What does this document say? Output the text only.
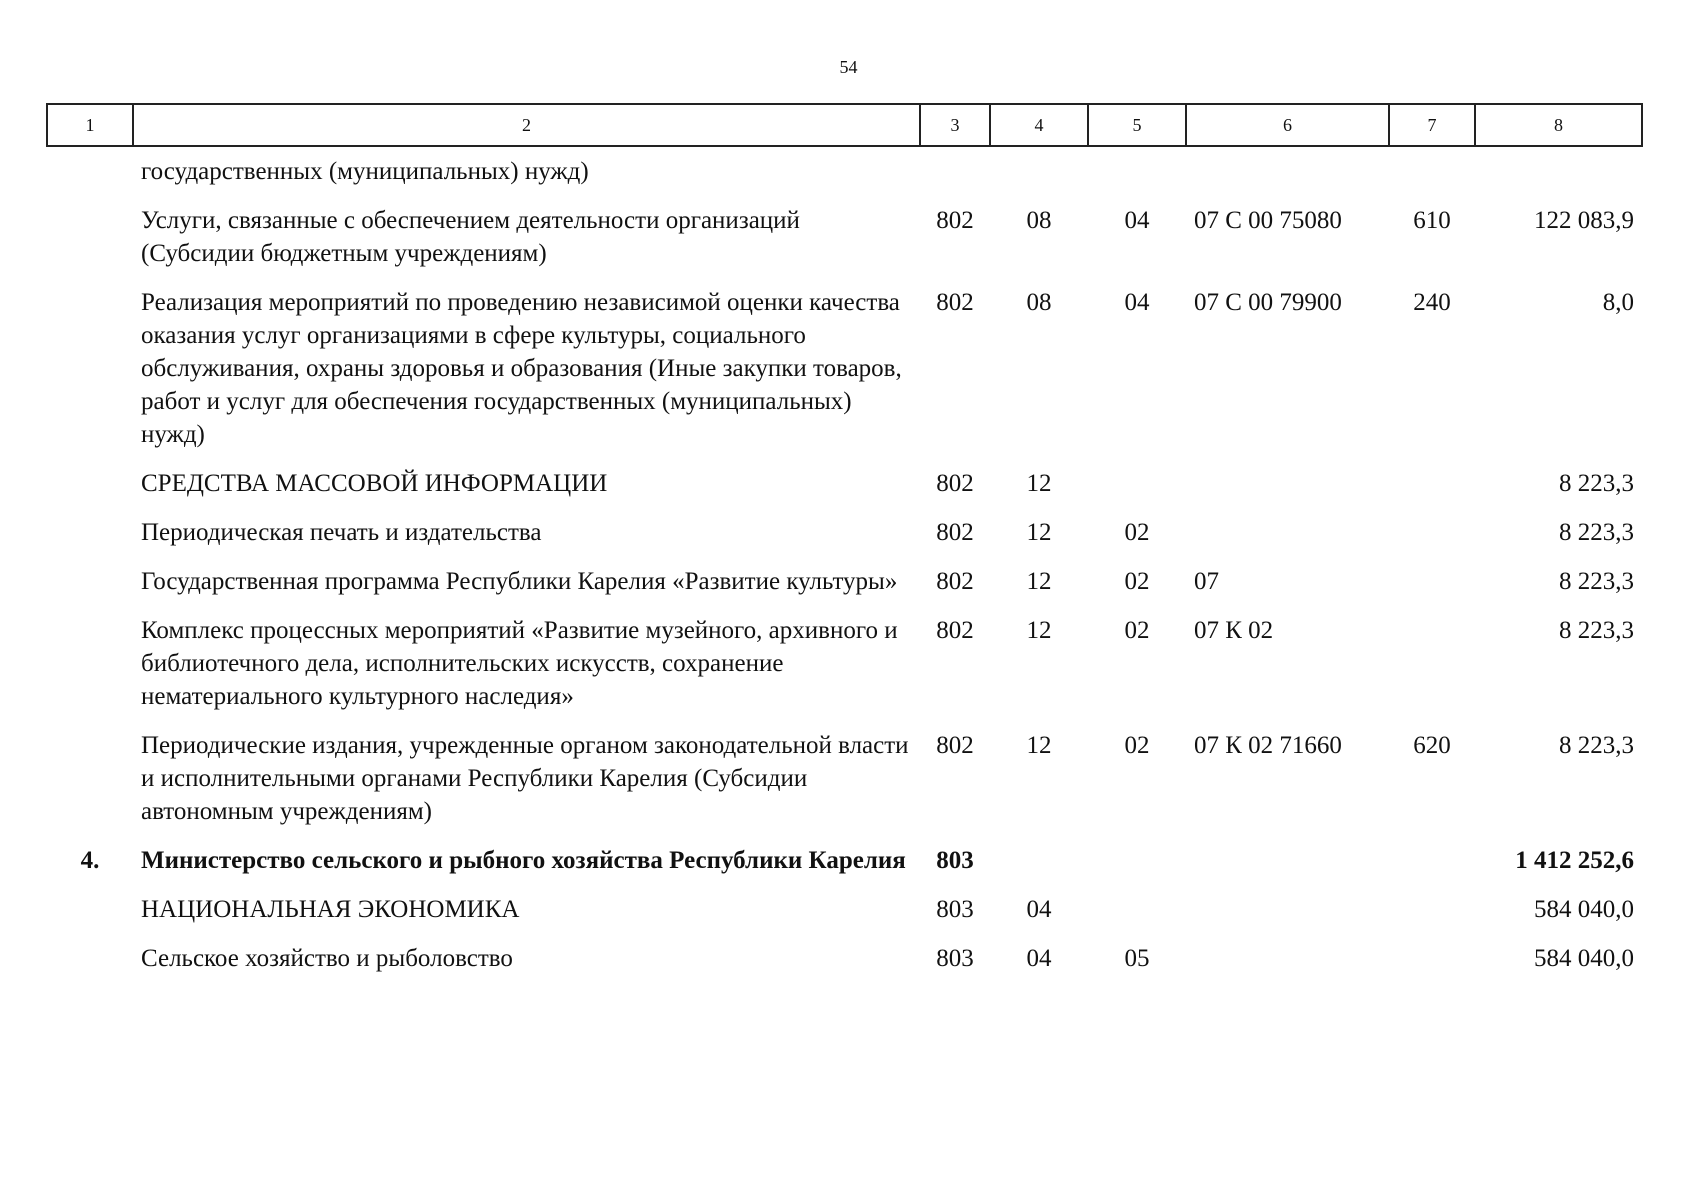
54
1	2	3	4	5	6	7	8
	государственных (муниципальных) нужд)						
	Услуги, связанные с обеспечением деятельности организаций (Субсидии бюджетным учреждениям)	802	08	04	07 С 00 75080	610	122 083,9
	Реализация мероприятий по проведению независимой оценки качества оказания услуг организациями в сфере культуры, социального обслуживания, охраны здоровья и образования (Иные закупки товаров, работ и услуг для обеспечения государственных (муниципальных) нужд)	802	08	04	07 С 00 79900	240	8,0
	СРЕДСТВА МАССОВОЙ ИНФОРМАЦИИ	802	12				8 223,3
	Периодическая печать и издательства	802	12	02			8 223,3
	Государственная программа Республики Карелия «Развитие культуры»	802	12	02	07		8 223,3
	Комплекс процессных мероприятий «Развитие музейного, архивного и библиотечного дела, исполнительских искусств, сохранение нематериального культурного наследия»	802	12	02	07 К 02		8 223,3
	Периодические издания, учрежденные органом законодательной власти и исполнительными органами Республики Карелия (Субсидии автономным учреждениям)	802	12	02	07 К 02 71660	620	8 223,3
4.	Министерство сельского и рыбного хозяйства Республики Карелия	803					1 412 252,6
	НАЦИОНАЛЬНАЯ ЭКОНОМИКА	803	04				584 040,0
	Сельское хозяйство и рыболовство	803	04	05			584 040,0
